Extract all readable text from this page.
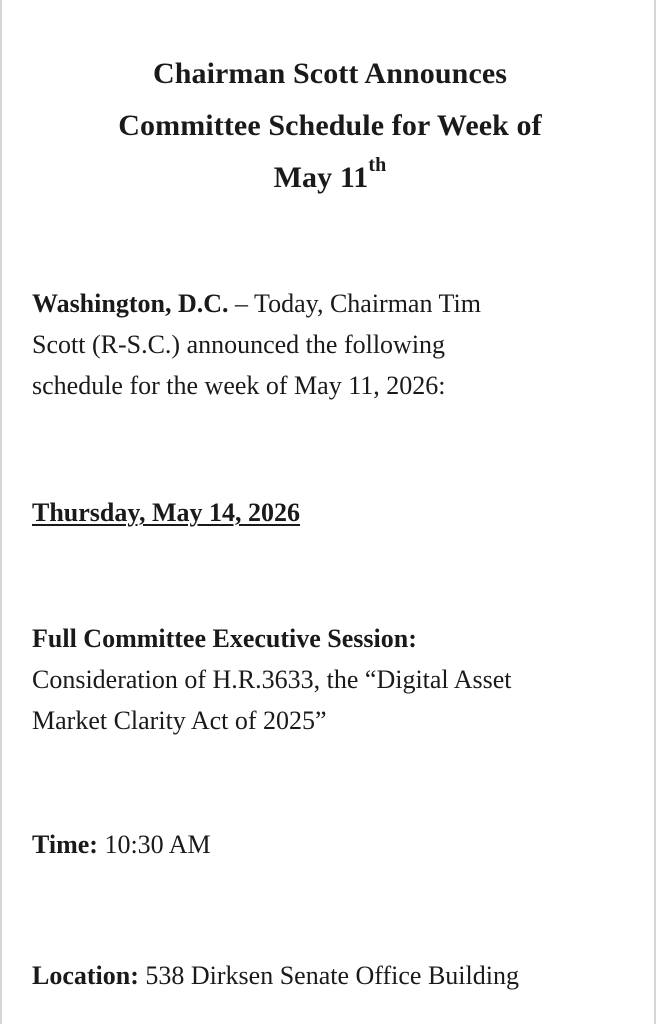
Chairman Scott Announces
Committee Schedule for Week of
May 11th
Washington, D.C. – Today, Chairman Tim
Scott (R-S.C.) announced the following
schedule for the week of May 11, 2026:
Thursday, May 14, 2026
Full Committee Executive Session:
Consideration of H.R.3633, the “Digital Asset
Market Clarity Act of 2025”
Time: 10:30 AM
Location: 538 Dirksen Senate Office Building
